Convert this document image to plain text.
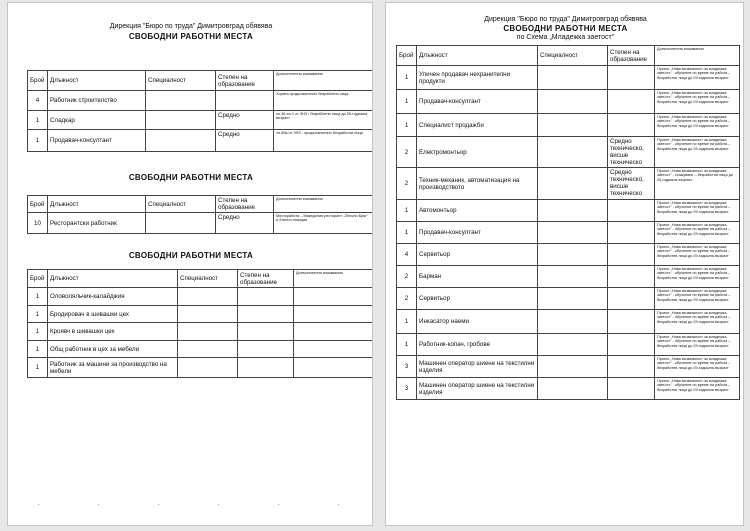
Дирекция "Бюро по труда" Димитровград обявява
СВОБОДНИ РАБОТНИ МЕСТА
Брой	Длъжност	Специалност	Степен на образование	Допълнителни изисквания
4	Работник строителство			Хората продължително безработни лица
1	Сладкар		Средно	чл.36 ал.1 от ЗНЗ / безработни лица до 29-годишна възраст
1	Продавач-консултант		Средно	чл.55в от ЗНЗ - продължително безработни лица
СВОБОДНИ РАБОТНИ МЕСТА
Брой	Длъжност	Специалност	Степен на образование	Допълнителни изисквания
10	Ресторантски работник		Средно	Месторабота – Македония ресторант „Злъчни Бряг“ и Злетни позиция
СВОБОДНИ РАБОТНИ МЕСТА
Брой	Длъжност	Специалност	Степен на образование	Допълнителни изисквания
1	Оловоляльчик-калайджия			
1	Бродировач в шивашки цех			
1	Кроявч в шивашки цех			
1	Общ работник в цех за мебели			
1	Работник за машини за производство на мебели			
Дирекция "Бюро по труда" Димитровград обявява
СВОБОДНИ РАБОТНИ МЕСТА
по Схема „Младежка заетост"
Брой	Длъжност	Специалност	Степен на образование	Допълнителни изисквания
1	Уличен продавач нехранителни продукти			Проект „Нова възможност за младежка заетост“ - обучение по време на работа – безработни лица до 29-годишна възраст
1	Продавач-консултант			Проект „Нова възможност за младежка заетост“ - обучение по време на работа – безработни лица до 29-годишна възраст
1	Специалист продажби			Проект „Нова възможност за младежка заетост“ - обучение по време на работа – безработни лица до 29-годишна възраст
2	Електромонтьор		Средно техническо, висше техническо	Проект „Нова възможност за младежка заетост“ - обучение по време на работа – безработни лица до 29-годишна възраст
2	Техник-механик, автоматизация на производството		Средно техническо, висше техническо	Проект „Нова възможност за младежка заетост“ - стажуване – безработни лица до 29-годишна възраст
1	Автомонтьор			Проект „Нова възможност за младежка заетост“ - обучение по време на работа – безработни лица до 29-годишна възраст
1	Продавач-консултант			Проект „Нова възможност за младежка заетост“ - обучение по време на работа – безработни лица до 29-годишна възраст
4	Сервитьор			Проект „Нова възможност за младежка заетост“ - обучение по време на работа – безработни лица до 29-годишна възраст
2	Барман			Проект „Нова възможност за младежка заетост“ - обучение по време на работа – безработни лица до 29-годишна възраст
2	Сервитьор			Проект „Нова възможност за младежка заетост“ - обучение по време на работа – безработни лица до 29-годишна възраст
1	Инкасатор наеми			Проект „Нова възможност за младежка заетост“ - обучение по време на работа – безработни лица до 29-годишна възраст
1	Работник-копач, гробове			Проект „Нова възможност за младежка заетост“ - обучение по време на работа – безработни лица до 29-годишна възраст
3	Машинен оператор шиене на текстилни изделия			Проект „Нова възможност за младежка заетост“ - обучение по време на работа – безработни лица до 29-годишна възраст
3	Машинен оператор шиене на текстилни изделия			Проект „Нова възможност за младежка заетост“ - обучение по време на работа – безработни лица до 29-годишна възраст
